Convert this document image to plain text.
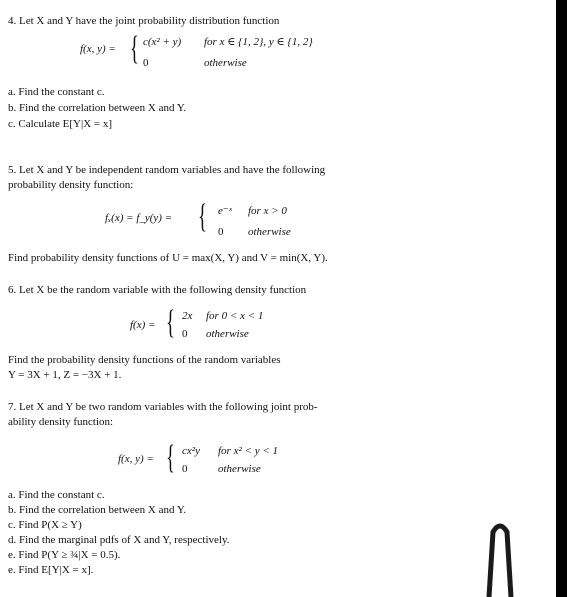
4. Let X and Y have the joint probability distribution function
f(x, y) = { c(x² + y) for x ∈ {1, 2}, y ∈ {1, 2}
0	otherwise
a. Find the constant c.
b. Find the correlation between X and Y.
c. Calculate E[Y|X = x]
5. Let X and Y be independent random variables and have the following
probability density function:
fₓ(x) = f_y(y) = { e⁻ˣ for x > 0
0 otherwise
Find probability density functions of U = max(X, Y) and V = min(X, Y).
6. Let X be the random variable with the following density function
f(x) = { 2x for 0 < x < 1
0 otherwise
Find the probability density functions of the random variables
Y = 3X + 1, Z = −3X + 1.
7. Let X and Y be two random variables with the following joint prob-
ability density function:
f(x, y) = { cx²y for x² < y < 1
0	otherwise
a. Find the constant c.
b. Find the correlation between X and Y.
c. Find P(X ≥ Y)
d. Find the marginal pdfs of X and Y, respectively.
e. Find P(Y ≥ ¾|X = 0.5).
e. Find E[Y|X = x].
